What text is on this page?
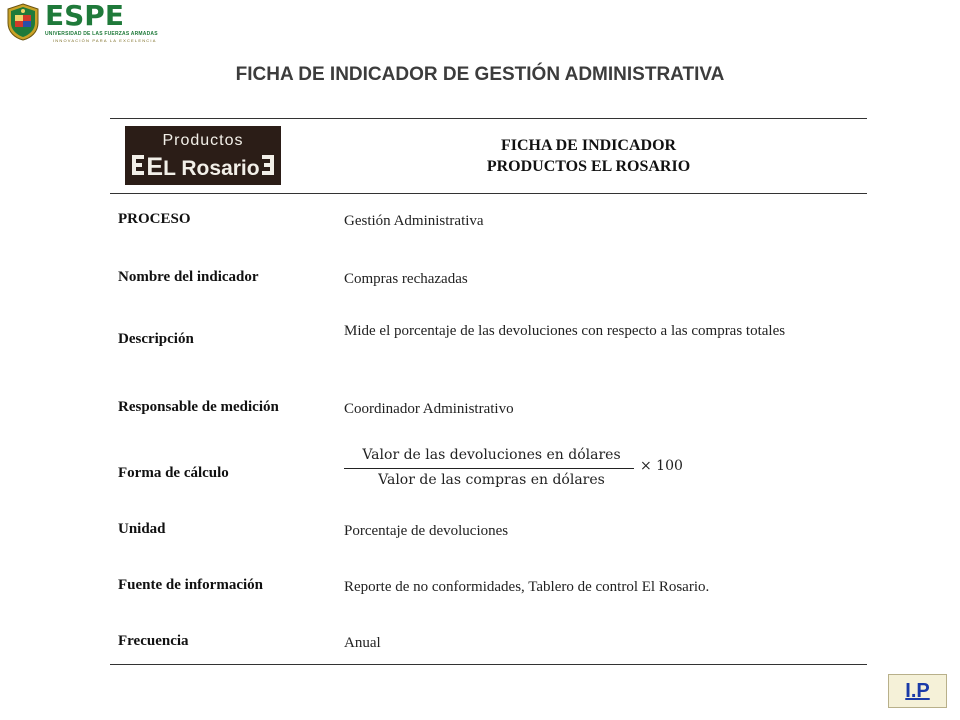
ESPE
UNIVERSIDAD DE LAS FUERZAS ARMADAS
INNOVACIÓN PARA LA EXCELENCIA
FICHA DE INDICADOR DE GESTIÓN ADMINISTRATIVA
Productos
EL Rosario
FICHA DE INDICADOR
PRODUCTOS EL ROSARIO
PROCESO	Gestión Administrativa
Nombre del indicador	Compras rechazadas
Descripción	Mide el porcentaje de las devoluciones con respecto a las compras totales
Responsable de medición	Coordinador Administrativo
Forma de cálculo
Valor de las devoluciones en dólares
Valor de las compras en dólares
× 100
Unidad	Porcentaje de devoluciones
Fuente de información	Reporte de no conformidades, Tablero de control El Rosario.
Frecuencia	Anual
I.P
